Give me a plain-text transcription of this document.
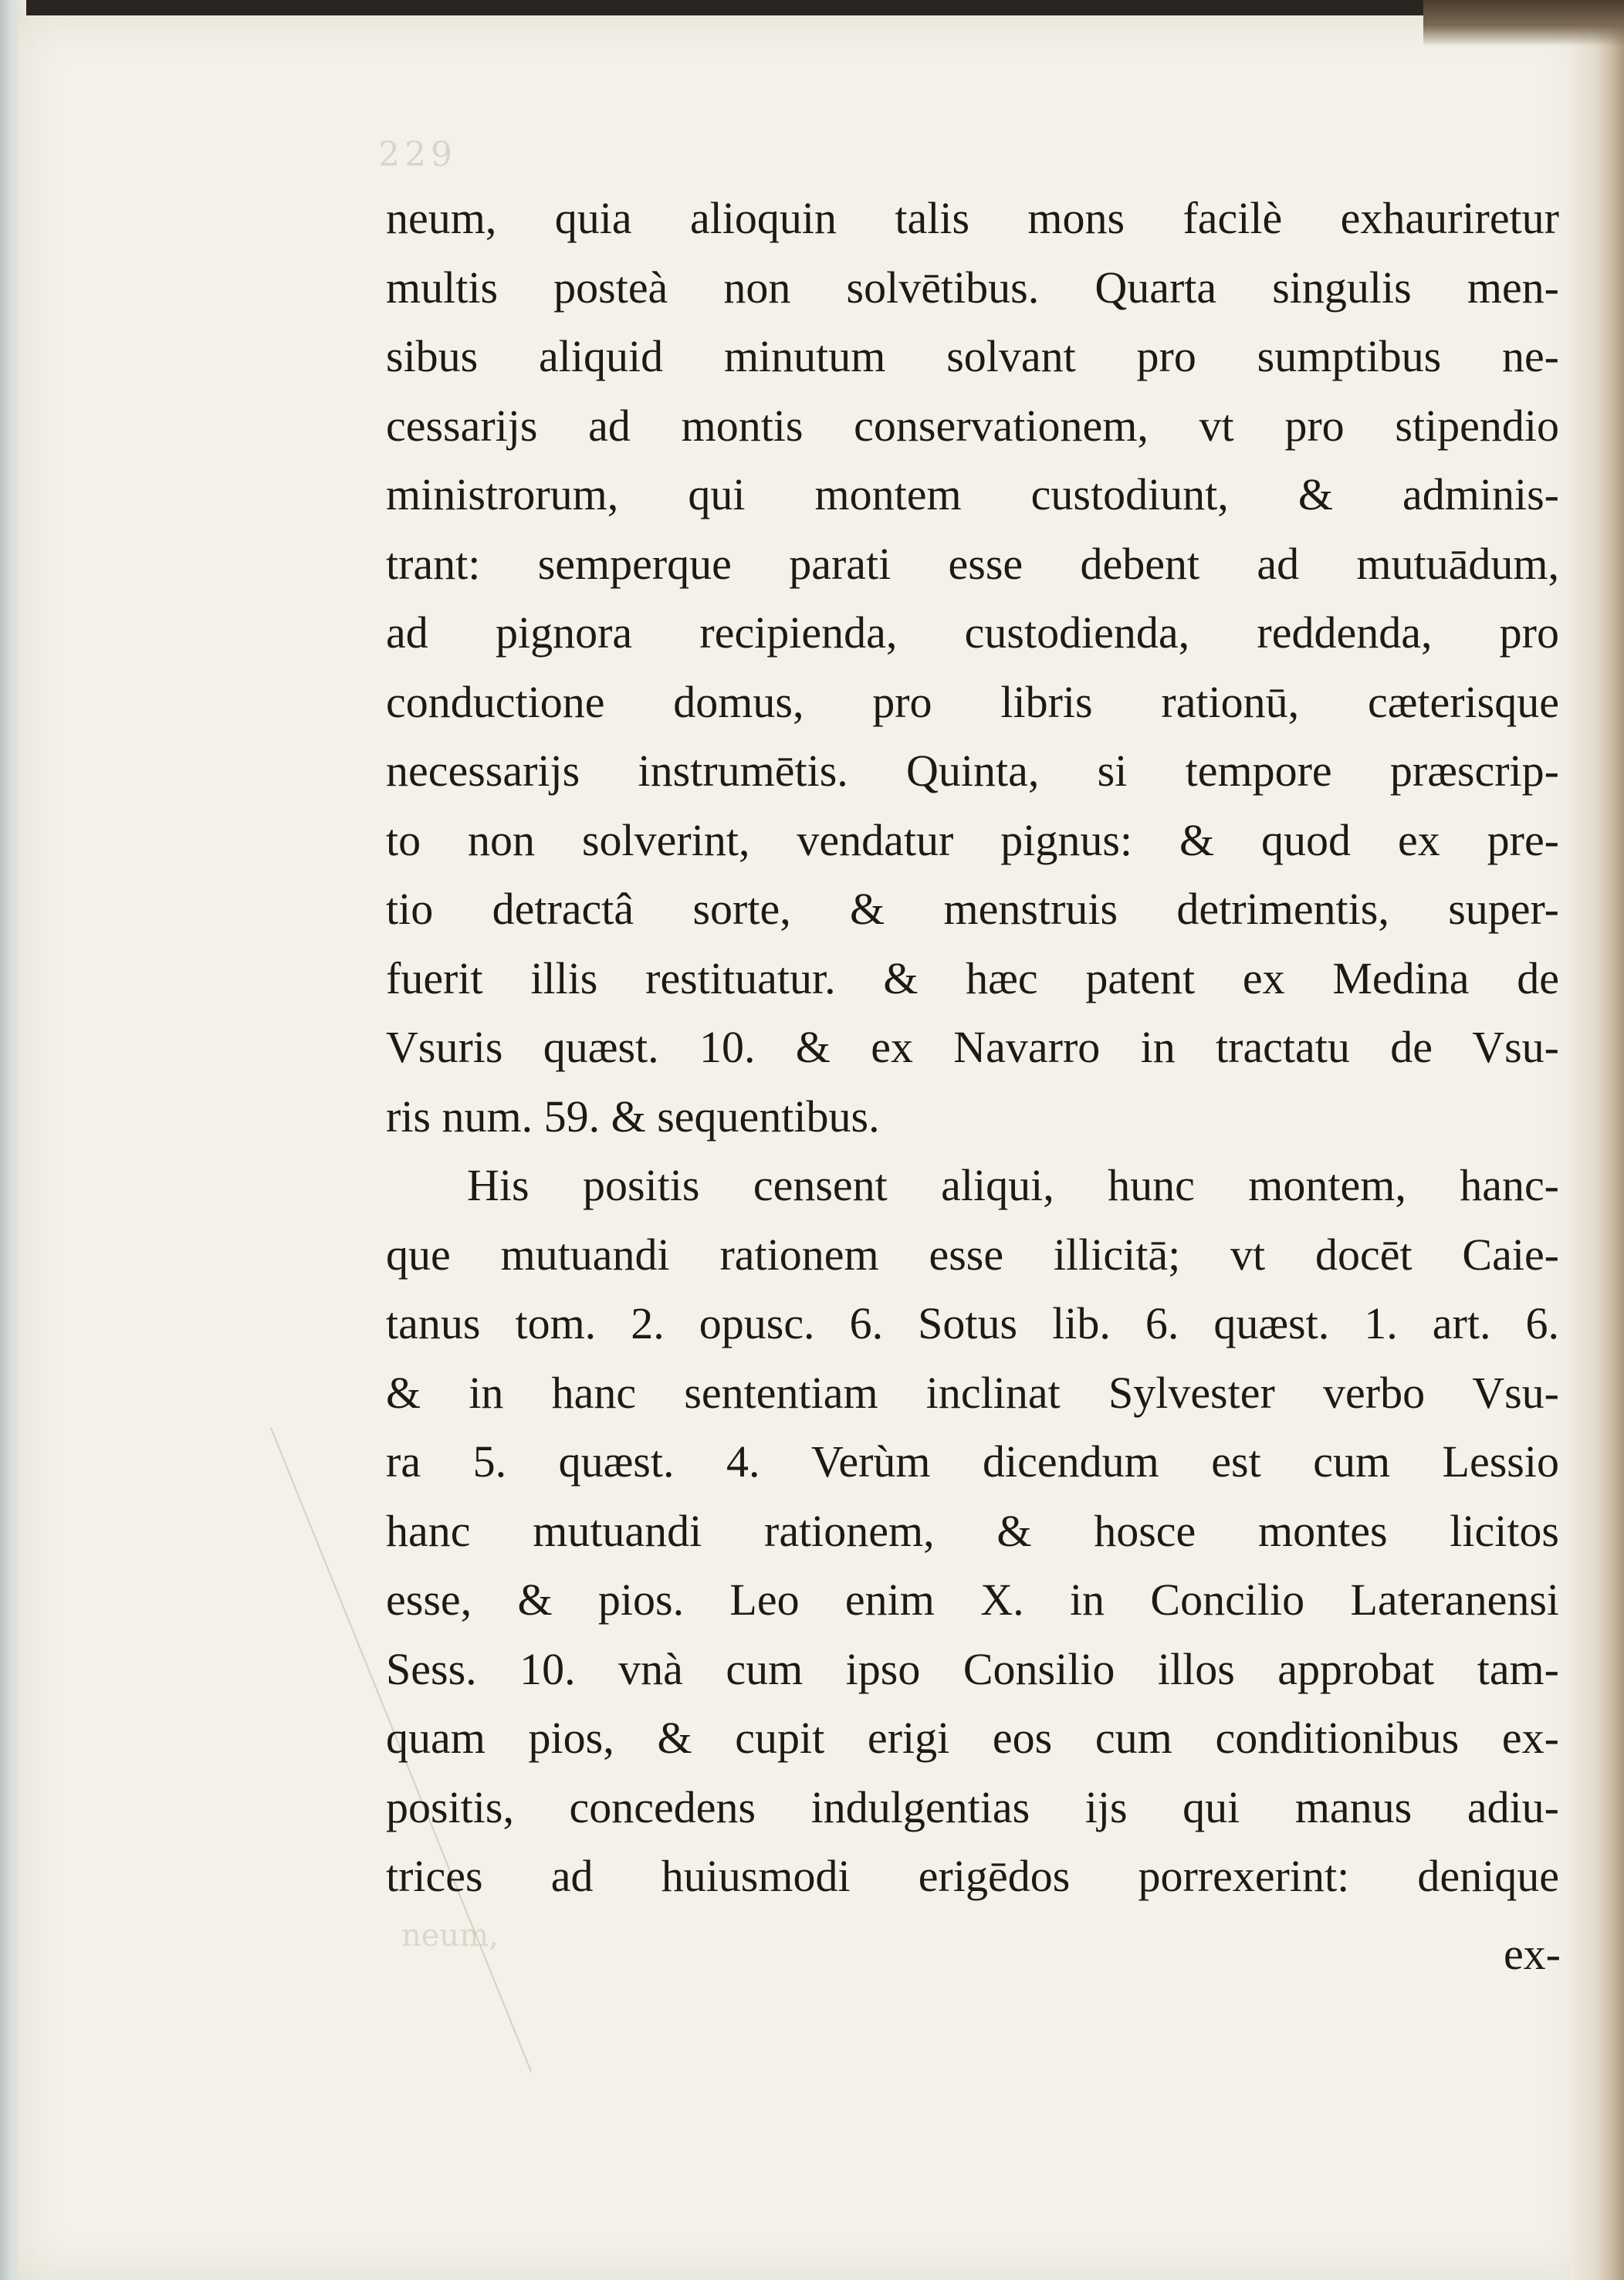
229
neum,
neum, quia alioquin talis mons facilè exhauriretur
multis posteà non solvētibus. Quarta singulis men-
sibus aliquid minutum solvant pro sumptibus ne-
cessarijs ad montis conservationem, vt pro stipendio
ministrorum, qui montem custodiunt, & adminis-
trant: semperque parati esse debent ad mutuādum,
ad pignora recipienda, custodienda, reddenda, pro
conductione domus, pro libris rationū, cæterisque
necessarijs instrumētis. Quinta, si tempore præscrip-
to non solverint, vendatur pignus: & quod ex pre-
tio detractâ sorte, & menstruis detrimentis, super-
fuerit illis restituatur. & hæc patent ex Medina de
Vsuris quæst. 10. & ex Navarro in tractatu de Vsu-
ris num. 59. & sequentibus.
His positis censent aliqui, hunc montem, hanc-
que mutuandi rationem esse illicitā; vt docēt Caie-
tanus tom. 2. opusc. 6. Sotus lib. 6. quæst. 1. art. 6.
& in hanc sententiam inclinat Sylvester verbo Vsu-
ra 5. quæst. 4. Verùm dicendum est cum Lessio
hanc mutuandi rationem, & hosce montes licitos
esse, & pios. Leo enim X. in Concilio Lateranensi
Sess. 10. vnà cum ipso Consilio illos approbat tam-
quam pios, & cupit erigi eos cum conditionibus ex-
positis, concedens indulgentias ijs qui manus adiu-
trices ad huiusmodi erigēdos porrexerint: denique
ex-
